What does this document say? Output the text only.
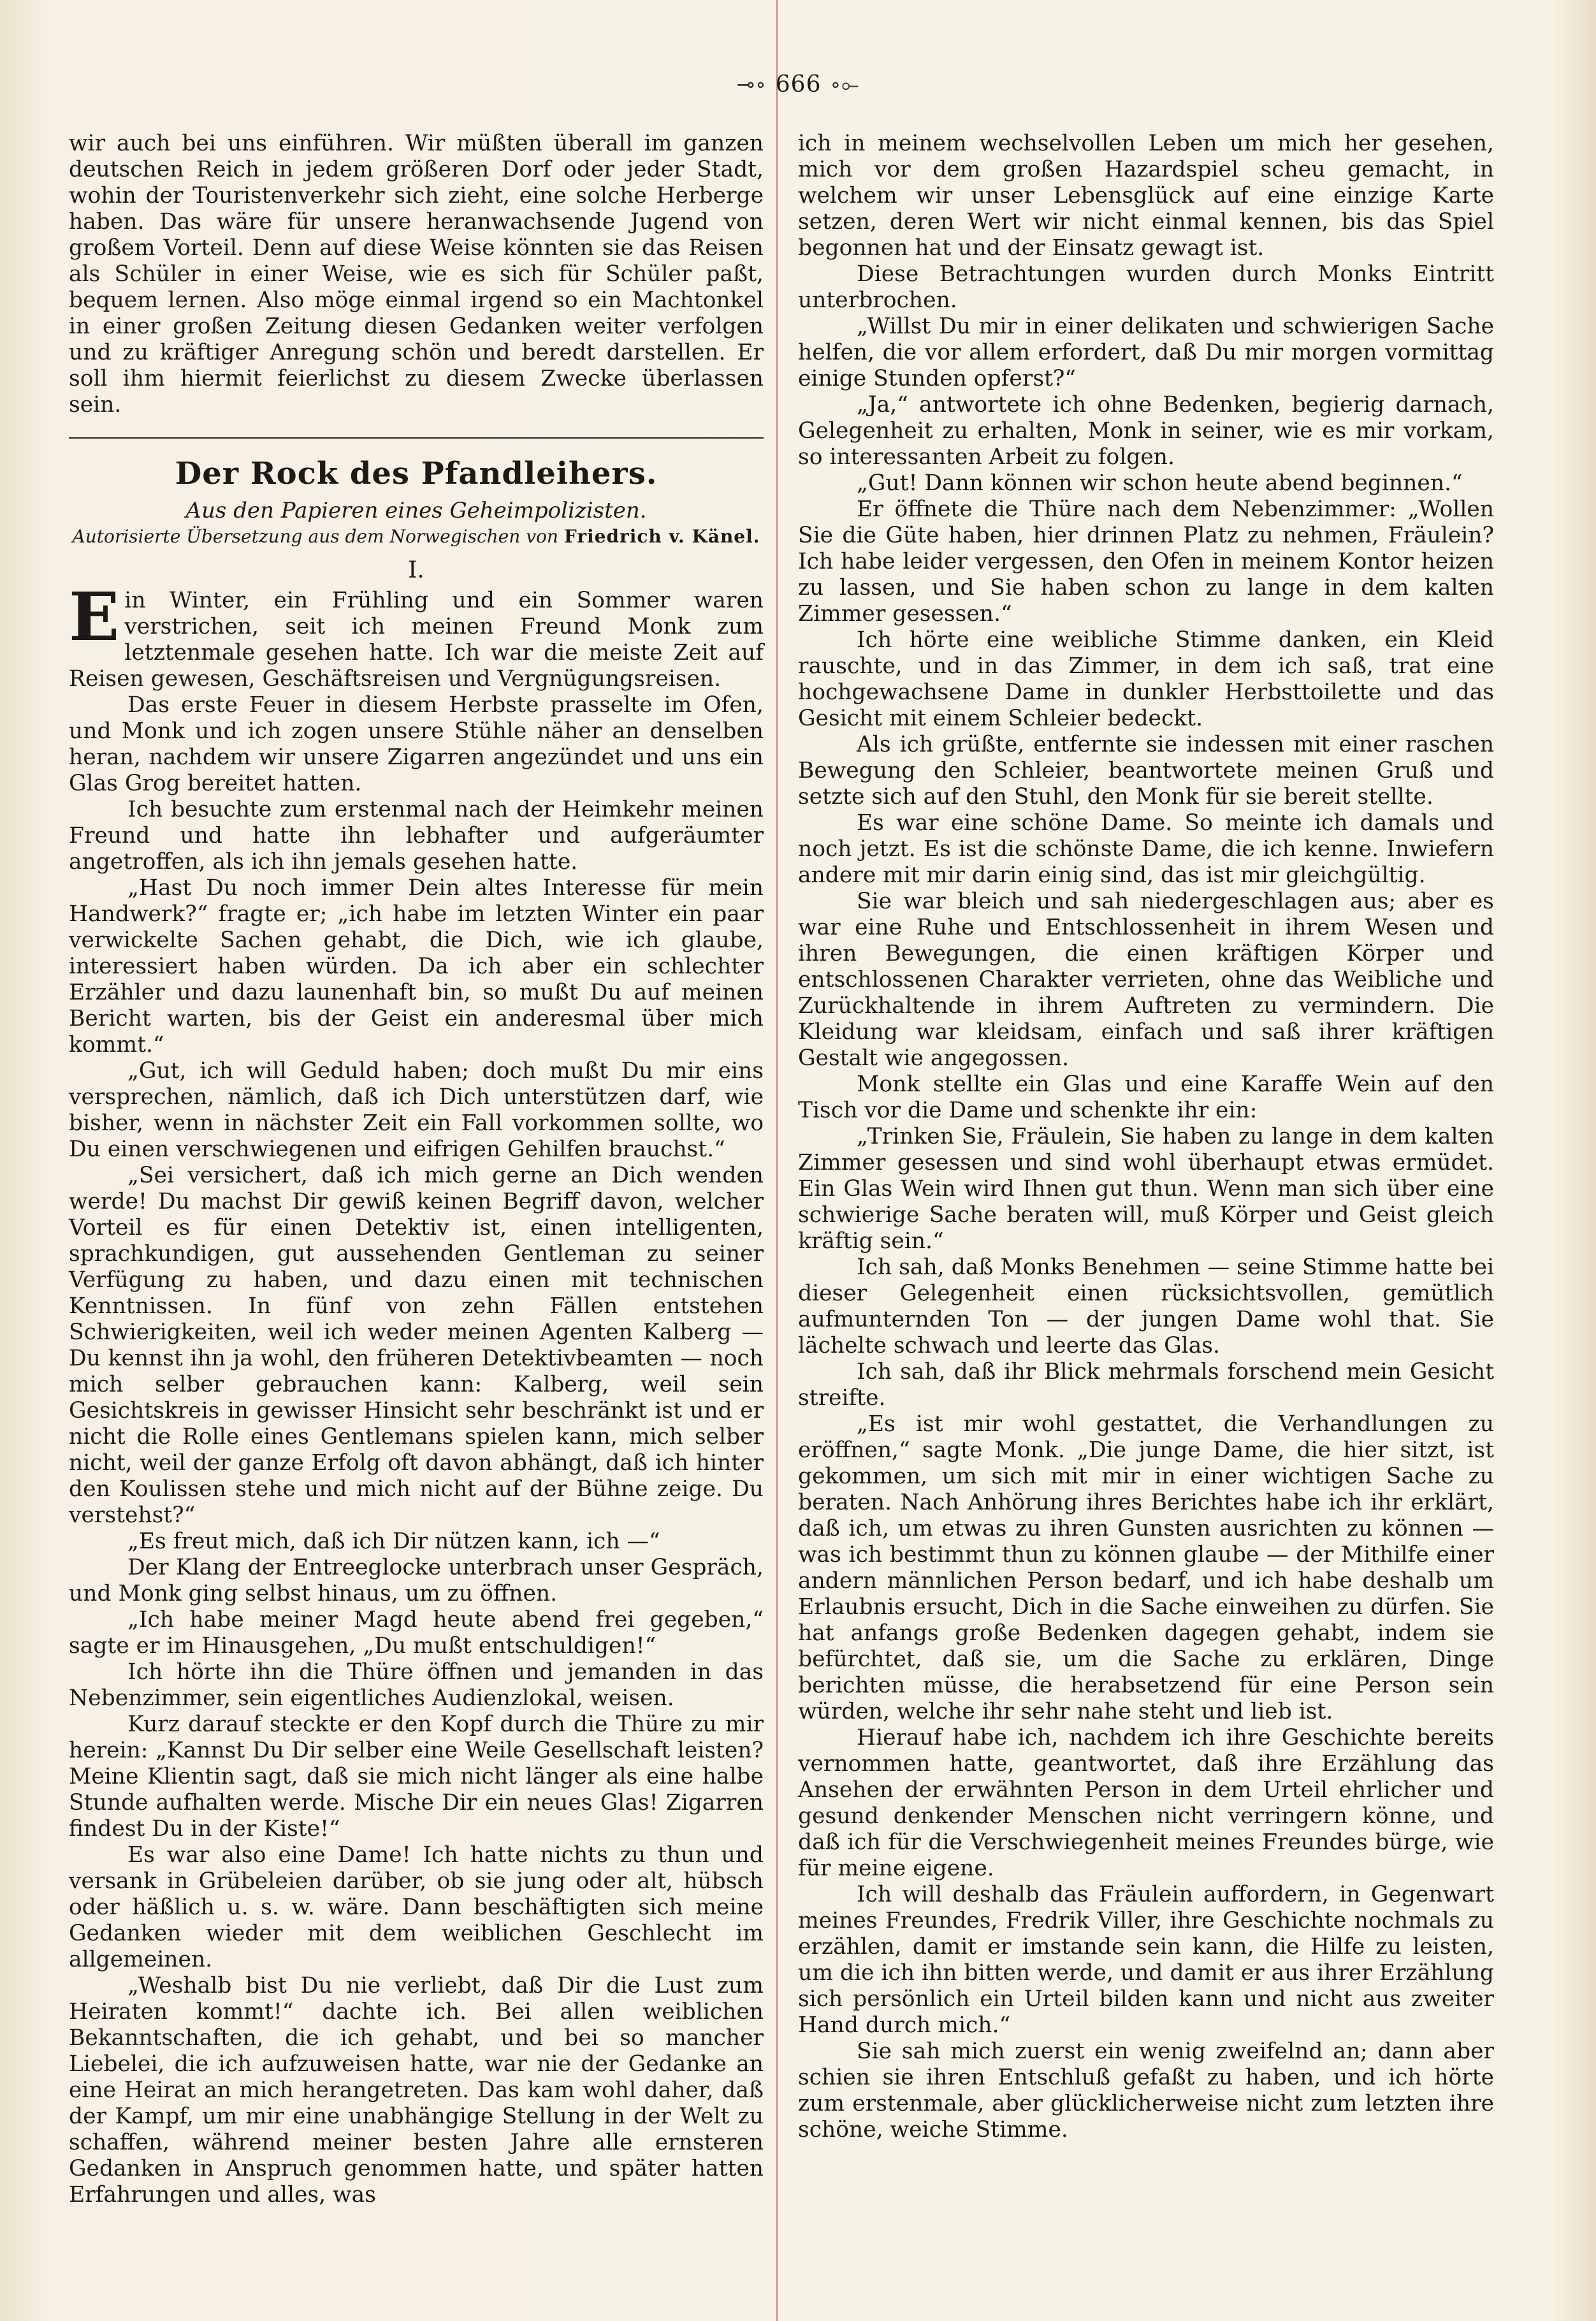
⊸∘ 666 ∘⟜

wir auch bei uns einführen. Wir müßten überall im ganzen deutschen Reich in jedem größeren Dorf oder jeder Stadt, wohin der Touristenverkehr sich zieht, eine solche Herberge haben. Das wäre für unsere heranwachsende Jugend von großem Vorteil. Denn auf diese Weise könnten sie das Reisen als Schüler in einer Weise, wie es sich für Schüler paßt, bequem lernen. Also möge einmal irgend so ein Machtonkel in einer großen Zeitung diesen Gedanken weiter verfolgen und zu kräftiger Anregung schön und beredt darstellen. Er soll ihm hiermit feierlichst zu diesem Zwecke überlassen sein.

Der Rock des Pfandleihers.
Aus den Papieren eines Geheimpolizisten.
Autorisierte Übersetzung aus dem Norwegischen von Friedrich v. Känel.
I.

Ein Winter, ein Frühling und ein Sommer waren verstrichen, seit ich meinen Freund Monk zum letztenmale gesehen hatte. Ich war die meiste Zeit auf Reisen gewesen, Geschäftsreisen und Vergnügungsreisen.

Das erste Feuer in diesem Herbste prasselte im Ofen, und Monk und ich zogen unsere Stühle näher an denselben heran, nachdem wir unsere Zigarren angezündet und uns ein Glas Grog bereitet hatten.

Ich besuchte zum erstenmal nach der Heimkehr meinen Freund und hatte ihn lebhafter und aufgeräumter angetroffen, als ich ihn jemals gesehen hatte.

„Hast Du noch immer Dein altes Interesse für mein Handwerk?“ fragte er; „ich habe im letzten Winter ein paar verwickelte Sachen gehabt, die Dich, wie ich glaube, interessiert haben würden. Da ich aber ein schlechter Erzähler und dazu launenhaft bin, so mußt Du auf meinen Bericht warten, bis der Geist ein anderesmal über mich kommt.“

„Gut, ich will Geduld haben; doch mußt Du mir eins versprechen, nämlich, daß ich Dich unterstützen darf, wie bisher, wenn in nächster Zeit ein Fall vorkommen sollte, wo Du einen verschwiegenen und eifrigen Gehilfen brauchst.“

„Sei versichert, daß ich mich gerne an Dich wenden werde! Du machst Dir gewiß keinen Begriff davon, welcher Vorteil es für einen Detektiv ist, einen intelligenten, sprachkundigen, gut aussehenden Gentleman zu seiner Verfügung zu haben, und dazu einen mit technischen Kenntnissen. In fünf von zehn Fällen entstehen Schwierigkeiten, weil ich weder meinen Agenten Kalberg — Du kennst ihn ja wohl, den früheren Detektivbeamten — noch mich selber gebrauchen kann: Kalberg, weil sein Gesichtskreis in gewisser Hinsicht sehr beschränkt ist und er nicht die Rolle eines Gentlemans spielen kann, mich selber nicht, weil der ganze Erfolg oft davon abhängt, daß ich hinter den Koulissen stehe und mich nicht auf der Bühne zeige. Du verstehst?“

„Es freut mich, daß ich Dir nützen kann, ich —“

Der Klang der Entreeglocke unterbrach unser Gespräch, und Monk ging selbst hinaus, um zu öffnen.

„Ich habe meiner Magd heute abend frei gegeben,“ sagte er im Hinausgehen, „Du mußt entschuldigen!“

Ich hörte ihn die Thüre öffnen und jemanden in das Nebenzimmer, sein eigentliches Audienzlokal, weisen.

Kurz darauf steckte er den Kopf durch die Thüre zu mir herein: „Kannst Du Dir selber eine Weile Gesellschaft leisten? Meine Klientin sagt, daß sie mich nicht länger als eine halbe Stunde aufhalten werde. Mische Dir ein neues Glas! Zigarren findest Du in der Kiste!“

Es war also eine Dame! Ich hatte nichts zu thun und versank in Grübeleien darüber, ob sie jung oder alt, hübsch oder häßlich u. s. w. wäre. Dann beschäftigten sich meine Gedanken wieder mit dem weiblichen Geschlecht im allgemeinen.

„Weshalb bist Du nie verliebt, daß Dir die Lust zum Heiraten kommt!“ dachte ich. Bei allen weiblichen Bekanntschaften, die ich gehabt, und bei so mancher Liebelei, die ich aufzuweisen hatte, war nie der Gedanke an eine Heirat an mich herangetreten. Das kam wohl daher, daß der Kampf, um mir eine unabhängige Stellung in der Welt zu schaffen, während meiner besten Jahre alle ernsteren Gedanken in Anspruch genommen hatte, und später hatten Erfahrungen und alles, was

ich in meinem wechselvollen Leben um mich her gesehen, mich vor dem großen Hazardspiel scheu gemacht, in welchem wir unser Lebensglück auf eine einzige Karte setzen, deren Wert wir nicht einmal kennen, bis das Spiel begonnen hat und der Einsatz gewagt ist.

Diese Betrachtungen wurden durch Monks Eintritt unterbrochen.

„Willst Du mir in einer delikaten und schwierigen Sache helfen, die vor allem erfordert, daß Du mir morgen vormittag einige Stunden opferst?“

„Ja,“ antwortete ich ohne Bedenken, begierig darnach, Gelegenheit zu erhalten, Monk in seiner, wie es mir vorkam, so interessanten Arbeit zu folgen.

„Gut! Dann können wir schon heute abend beginnen.“

Er öffnete die Thüre nach dem Nebenzimmer: „Wollen Sie die Güte haben, hier drinnen Platz zu nehmen, Fräulein? Ich habe leider vergessen, den Ofen in meinem Kontor heizen zu lassen, und Sie haben schon zu lange in dem kalten Zimmer gesessen.“

Ich hörte eine weibliche Stimme danken, ein Kleid rauschte, und in das Zimmer, in dem ich saß, trat eine hochgewachsene Dame in dunkler Herbsttoilette und das Gesicht mit einem Schleier bedeckt.

Als ich grüßte, entfernte sie indessen mit einer raschen Bewegung den Schleier, beantwortete meinen Gruß und setzte sich auf den Stuhl, den Monk für sie bereit stellte.

Es war eine schöne Dame. So meinte ich damals und noch jetzt. Es ist die schönste Dame, die ich kenne. Inwiefern andere mit mir darin einig sind, das ist mir gleichgültig.

Sie war bleich und sah niedergeschlagen aus; aber es war eine Ruhe und Entschlossenheit in ihrem Wesen und ihren Bewegungen, die einen kräftigen Körper und entschlossenen Charakter verrieten, ohne das Weibliche und Zurückhaltende in ihrem Auftreten zu vermindern. Die Kleidung war kleidsam, einfach und saß ihrer kräftigen Gestalt wie angegossen.

Monk stellte ein Glas und eine Karaffe Wein auf den Tisch vor die Dame und schenkte ihr ein:

„Trinken Sie, Fräulein, Sie haben zu lange in dem kalten Zimmer gesessen und sind wohl überhaupt etwas ermüdet. Ein Glas Wein wird Ihnen gut thun. Wenn man sich über eine schwierige Sache beraten will, muß Körper und Geist gleich kräftig sein.“

Ich sah, daß Monks Benehmen — seine Stimme hatte bei dieser Gelegenheit einen rücksichtsvollen, gemütlich aufmunternden Ton — der jungen Dame wohl that. Sie lächelte schwach und leerte das Glas.

Ich sah, daß ihr Blick mehrmals forschend mein Gesicht streifte.

„Es ist mir wohl gestattet, die Verhandlungen zu eröffnen,“ sagte Monk. „Die junge Dame, die hier sitzt, ist gekommen, um sich mit mir in einer wichtigen Sache zu beraten. Nach Anhörung ihres Berichtes habe ich ihr erklärt, daß ich, um etwas zu ihren Gunsten ausrichten zu können — was ich bestimmt thun zu können glaube — der Mithilfe einer andern männlichen Person bedarf, und ich habe deshalb um Erlaubnis ersucht, Dich in die Sache einweihen zu dürfen. Sie hat anfangs große Bedenken dagegen gehabt, indem sie befürchtet, daß sie, um die Sache zu erklären, Dinge berichten müsse, die herabsetzend für eine Person sein würden, welche ihr sehr nahe steht und lieb ist.

Hierauf habe ich, nachdem ich ihre Geschichte bereits vernommen hatte, geantwortet, daß ihre Erzählung das Ansehen der erwähnten Person in dem Urteil ehrlicher und gesund denkender Menschen nicht verringern könne, und daß ich für die Verschwiegenheit meines Freundes bürge, wie für meine eigene.

Ich will deshalb das Fräulein auffordern, in Gegenwart meines Freundes, Fredrik Viller, ihre Geschichte nochmals zu erzählen, damit er imstande sein kann, die Hilfe zu leisten, um die ich ihn bitten werde, und damit er aus ihrer Erzählung sich persönlich ein Urteil bilden kann und nicht aus zweiter Hand durch mich.“

Sie sah mich zuerst ein wenig zweifelnd an; dann aber schien sie ihren Entschluß gefaßt zu haben, und ich hörte zum erstenmale, aber glücklicherweise nicht zum letzten ihre schöne, weiche Stimme.
